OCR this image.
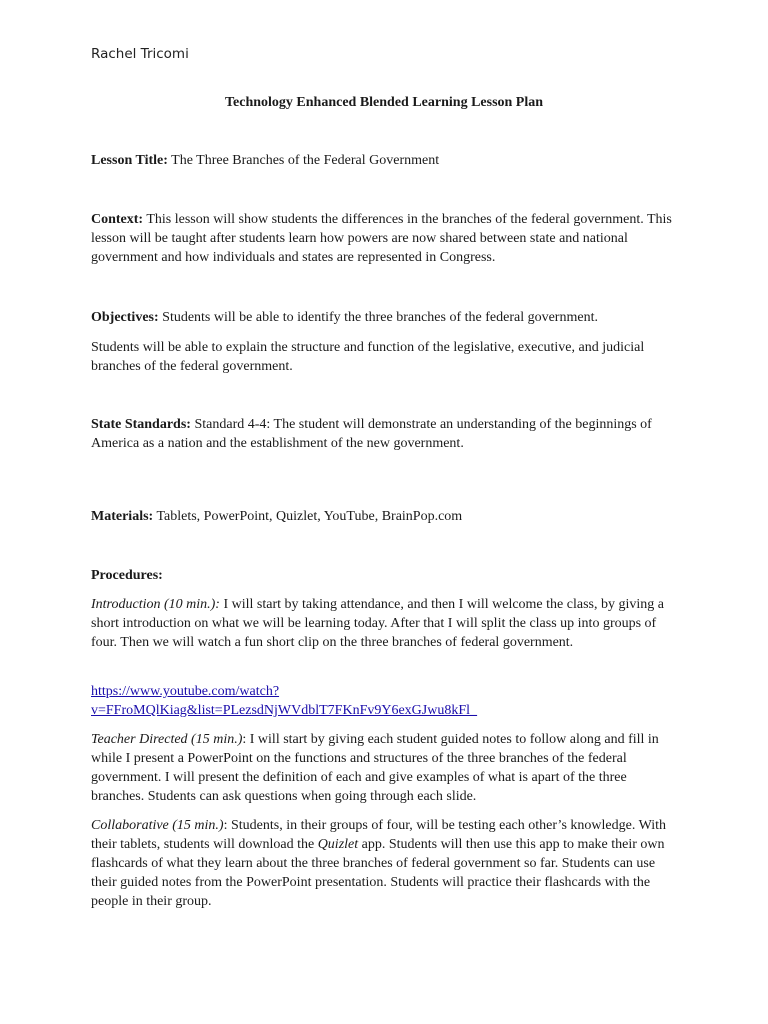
Rachel Tricomi
Technology Enhanced Blended Learning Lesson Plan

Lesson Title: The Three Branches of the Federal Government

Context: This lesson will show students the differences in the branches of the federal government. This lesson will be taught after students learn how powers are now shared between state and national government and how individuals and states are represented in Congress.

Objectives: Students will be able to identify the three branches of the federal government.

Students will be able to explain the structure and function of the legislative, executive, and judicial branches of the federal government.

State Standards: Standard 4-4: The student will demonstrate an understanding of the beginnings of America as a nation and the establishment of the new government.

Materials: Tablets, PowerPoint, Quizlet, YouTube, BrainPop.com

Procedures:

Introduction (10 min.): I will start by taking attendance, and then I will welcome the class, by giving a short introduction on what we will be learning today. After that I will split the class up into groups of four. Then we will watch a fun short clip on the three branches of federal government.

https://www.youtube.com/watch?
v=FFroMQlKiag&list=PLezsdNjWVdblT7FKnFv9Y6exGJwu8kFl_

Teacher Directed (15 min.): I will start by giving each student guided notes to follow along and fill in while I present a PowerPoint on the functions and structures of the three branches of the federal government. I will present the definition of each and give examples of what is apart of the three branches. Students can ask questions when going through each slide.

Collaborative (15 min.): Students, in their groups of four, will be testing each other’s knowledge. With their tablets, students will download the Quizlet app. Students will then use this app to make their own flashcards of what they learn about the three branches of federal government so far. Students can use their guided notes from the PowerPoint presentation. Students will practice their flashcards with the people in their group.
